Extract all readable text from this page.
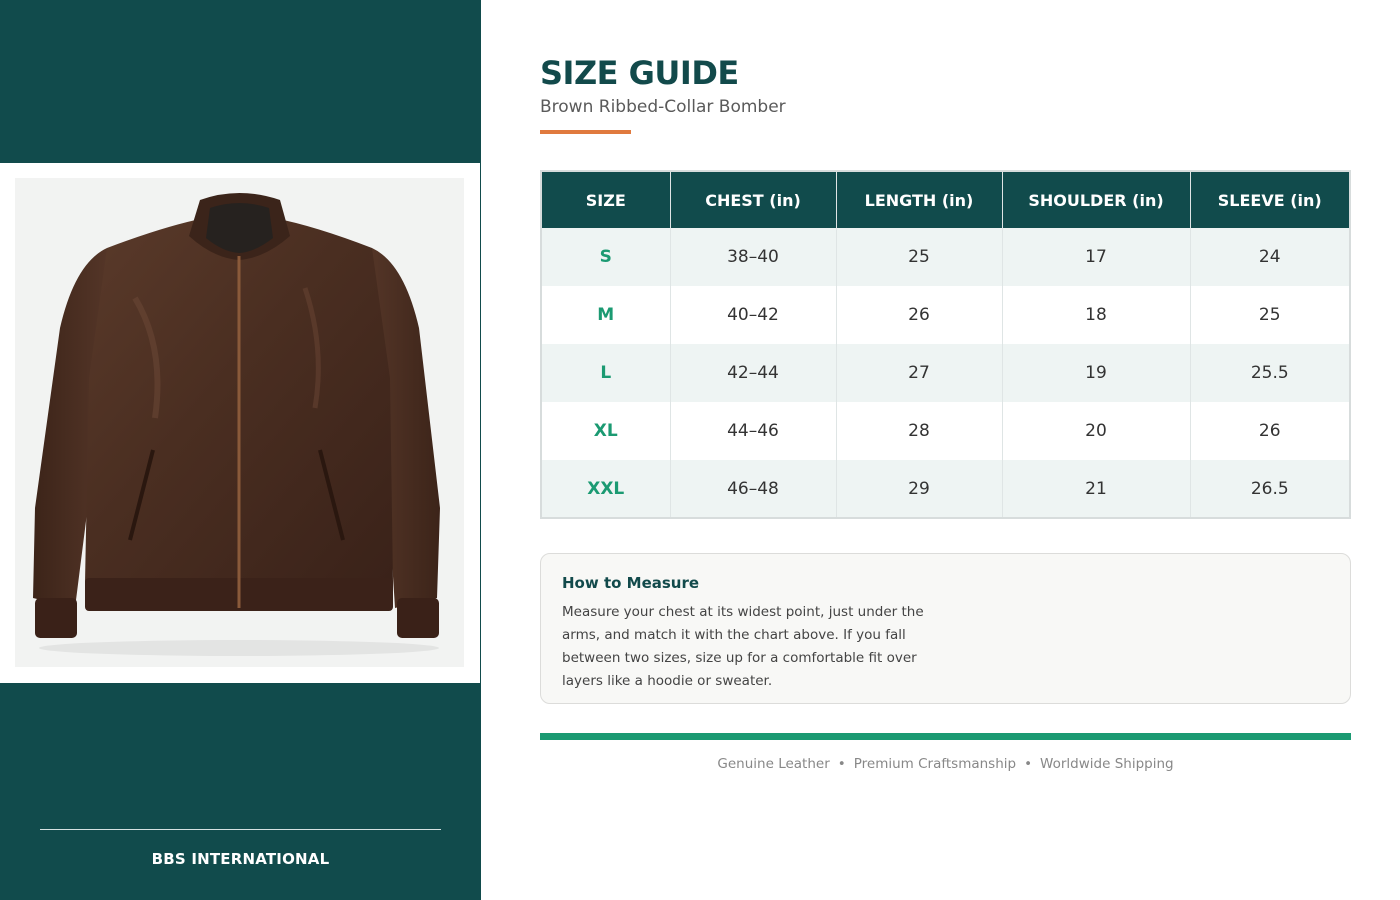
BBS INTERNATIONAL
SIZE GUIDE
Brown Ribbed-Collar Bomber
SIZE	CHEST (in)	LENGTH (in)	SHOULDER (in)	SLEEVE (in)
S	38–40	25	17	24
M	40–42	26	18	25
L	42–44	27	19	25.5
XL	44–46	28	20	26
XXL	46–48	29	21	26.5
How to Measure

Measure your chest at its widest point, just under the arms, and match it with the chart above. If you fall between two sizes, size up for a comfortable fit over layers like a hoodie or sweater.

Genuine Leather • Premium Craftsmanship • Worldwide Shipping
